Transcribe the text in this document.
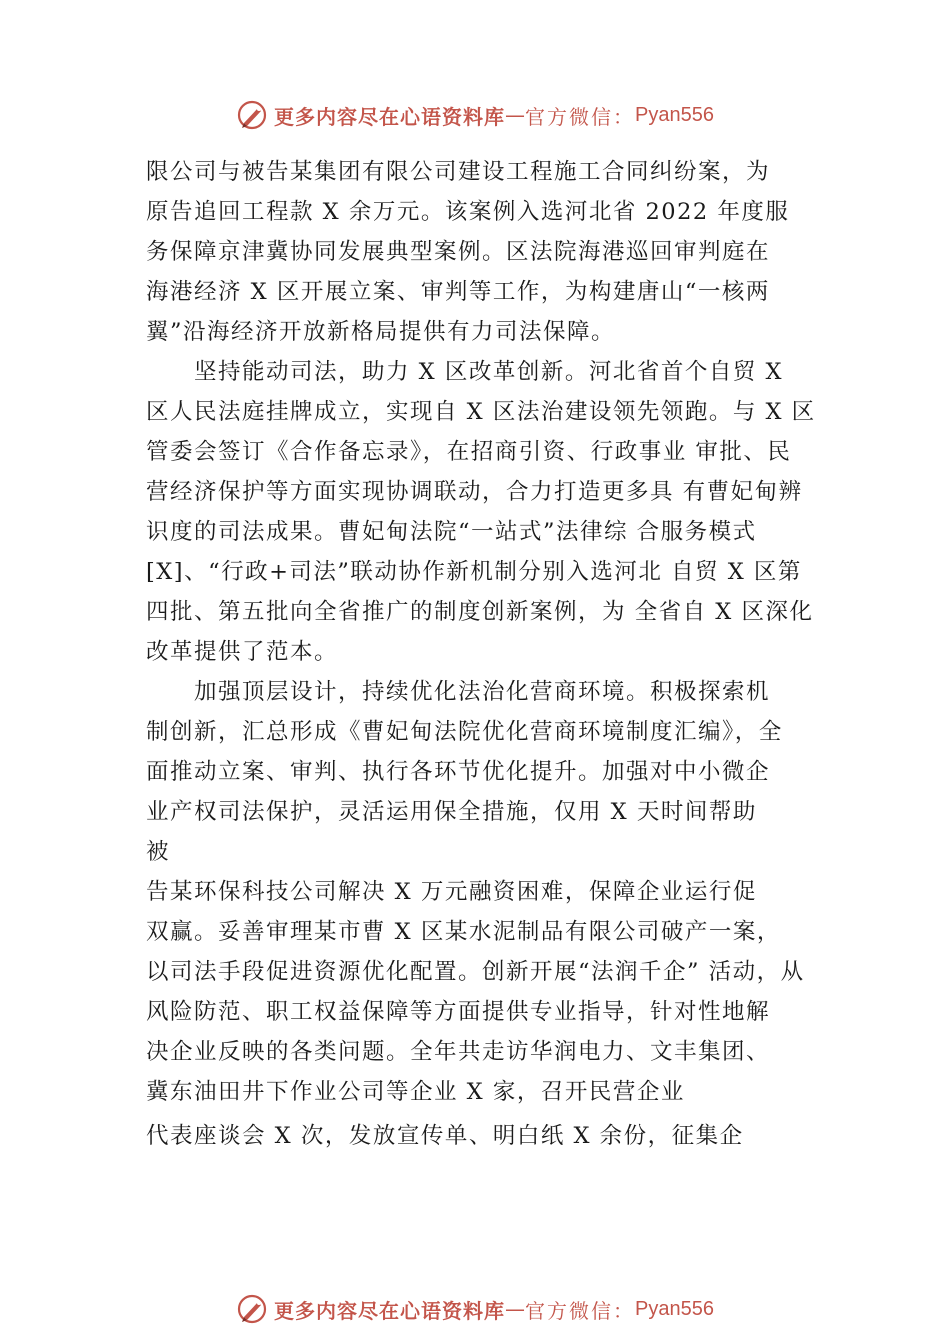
更多内容尽在心语资料库 — 官方微信： Pyan556
限公司与被告某集团有限公司建设工程施工合同纠纷案，为
原告追回工程款 X 余万元。该案例入选河北省 2022 年度服
务保障京津冀协同发展典型案例。区法院海港巡回审判庭在
海港经济 X 区开展立案、审判等工作，为构建唐山“一核两
翼”沿海经济开放新格局提供有力司法保障。
坚持能动司法，助力 X 区改革创新。河北省首个自贸 X
区人民法庭挂牌成立，实现自 X 区法治建设领先领跑。与 X 区
管委会签订《合作备忘录》，在招商引资、行政事业 审批、民
营经济保护等方面实现协调联动，合力打造更多具 有曹妃甸辨
识度的司法成果。曹妃甸法院“一站式”法律综 合服务模式
[X]、“行政+司法”联动协作新机制分别入选河北 自贸 X 区第
四批、第五批向全省推广的制度创新案例，为 全省自 X 区深化
改革提供了范本。
加强顶层设计，持续优化法治化营商环境。积极探索机
制创新，汇总形成《曹妃甸法院优化营商环境制度汇编》，全
面推动立案、审判、执行各环节优化提升。加强对中小微企
业产权司法保护，灵活运用保全措施，仅用 X 天时间帮助
被
告某环保科技公司解决 X 万元融资困难，保障企业运行促
双赢。妥善审理某市曹 X 区某水泥制品有限公司破产一案，
以司法手段促进资源优化配置。创新开展“法润千企” 活动，从
风险防范、职工权益保障等方面提供专业指导，针对性地解
决企业反映的各类问题。全年共走访华润电力、文丰集团、
冀东油田井下作业公司等企业 X 家，召开民营企业
代表座谈会 X 次，发放宣传单、明白纸 X 余份，征集企
更多内容尽在心语资料库 — 官方微信： Pyan556
